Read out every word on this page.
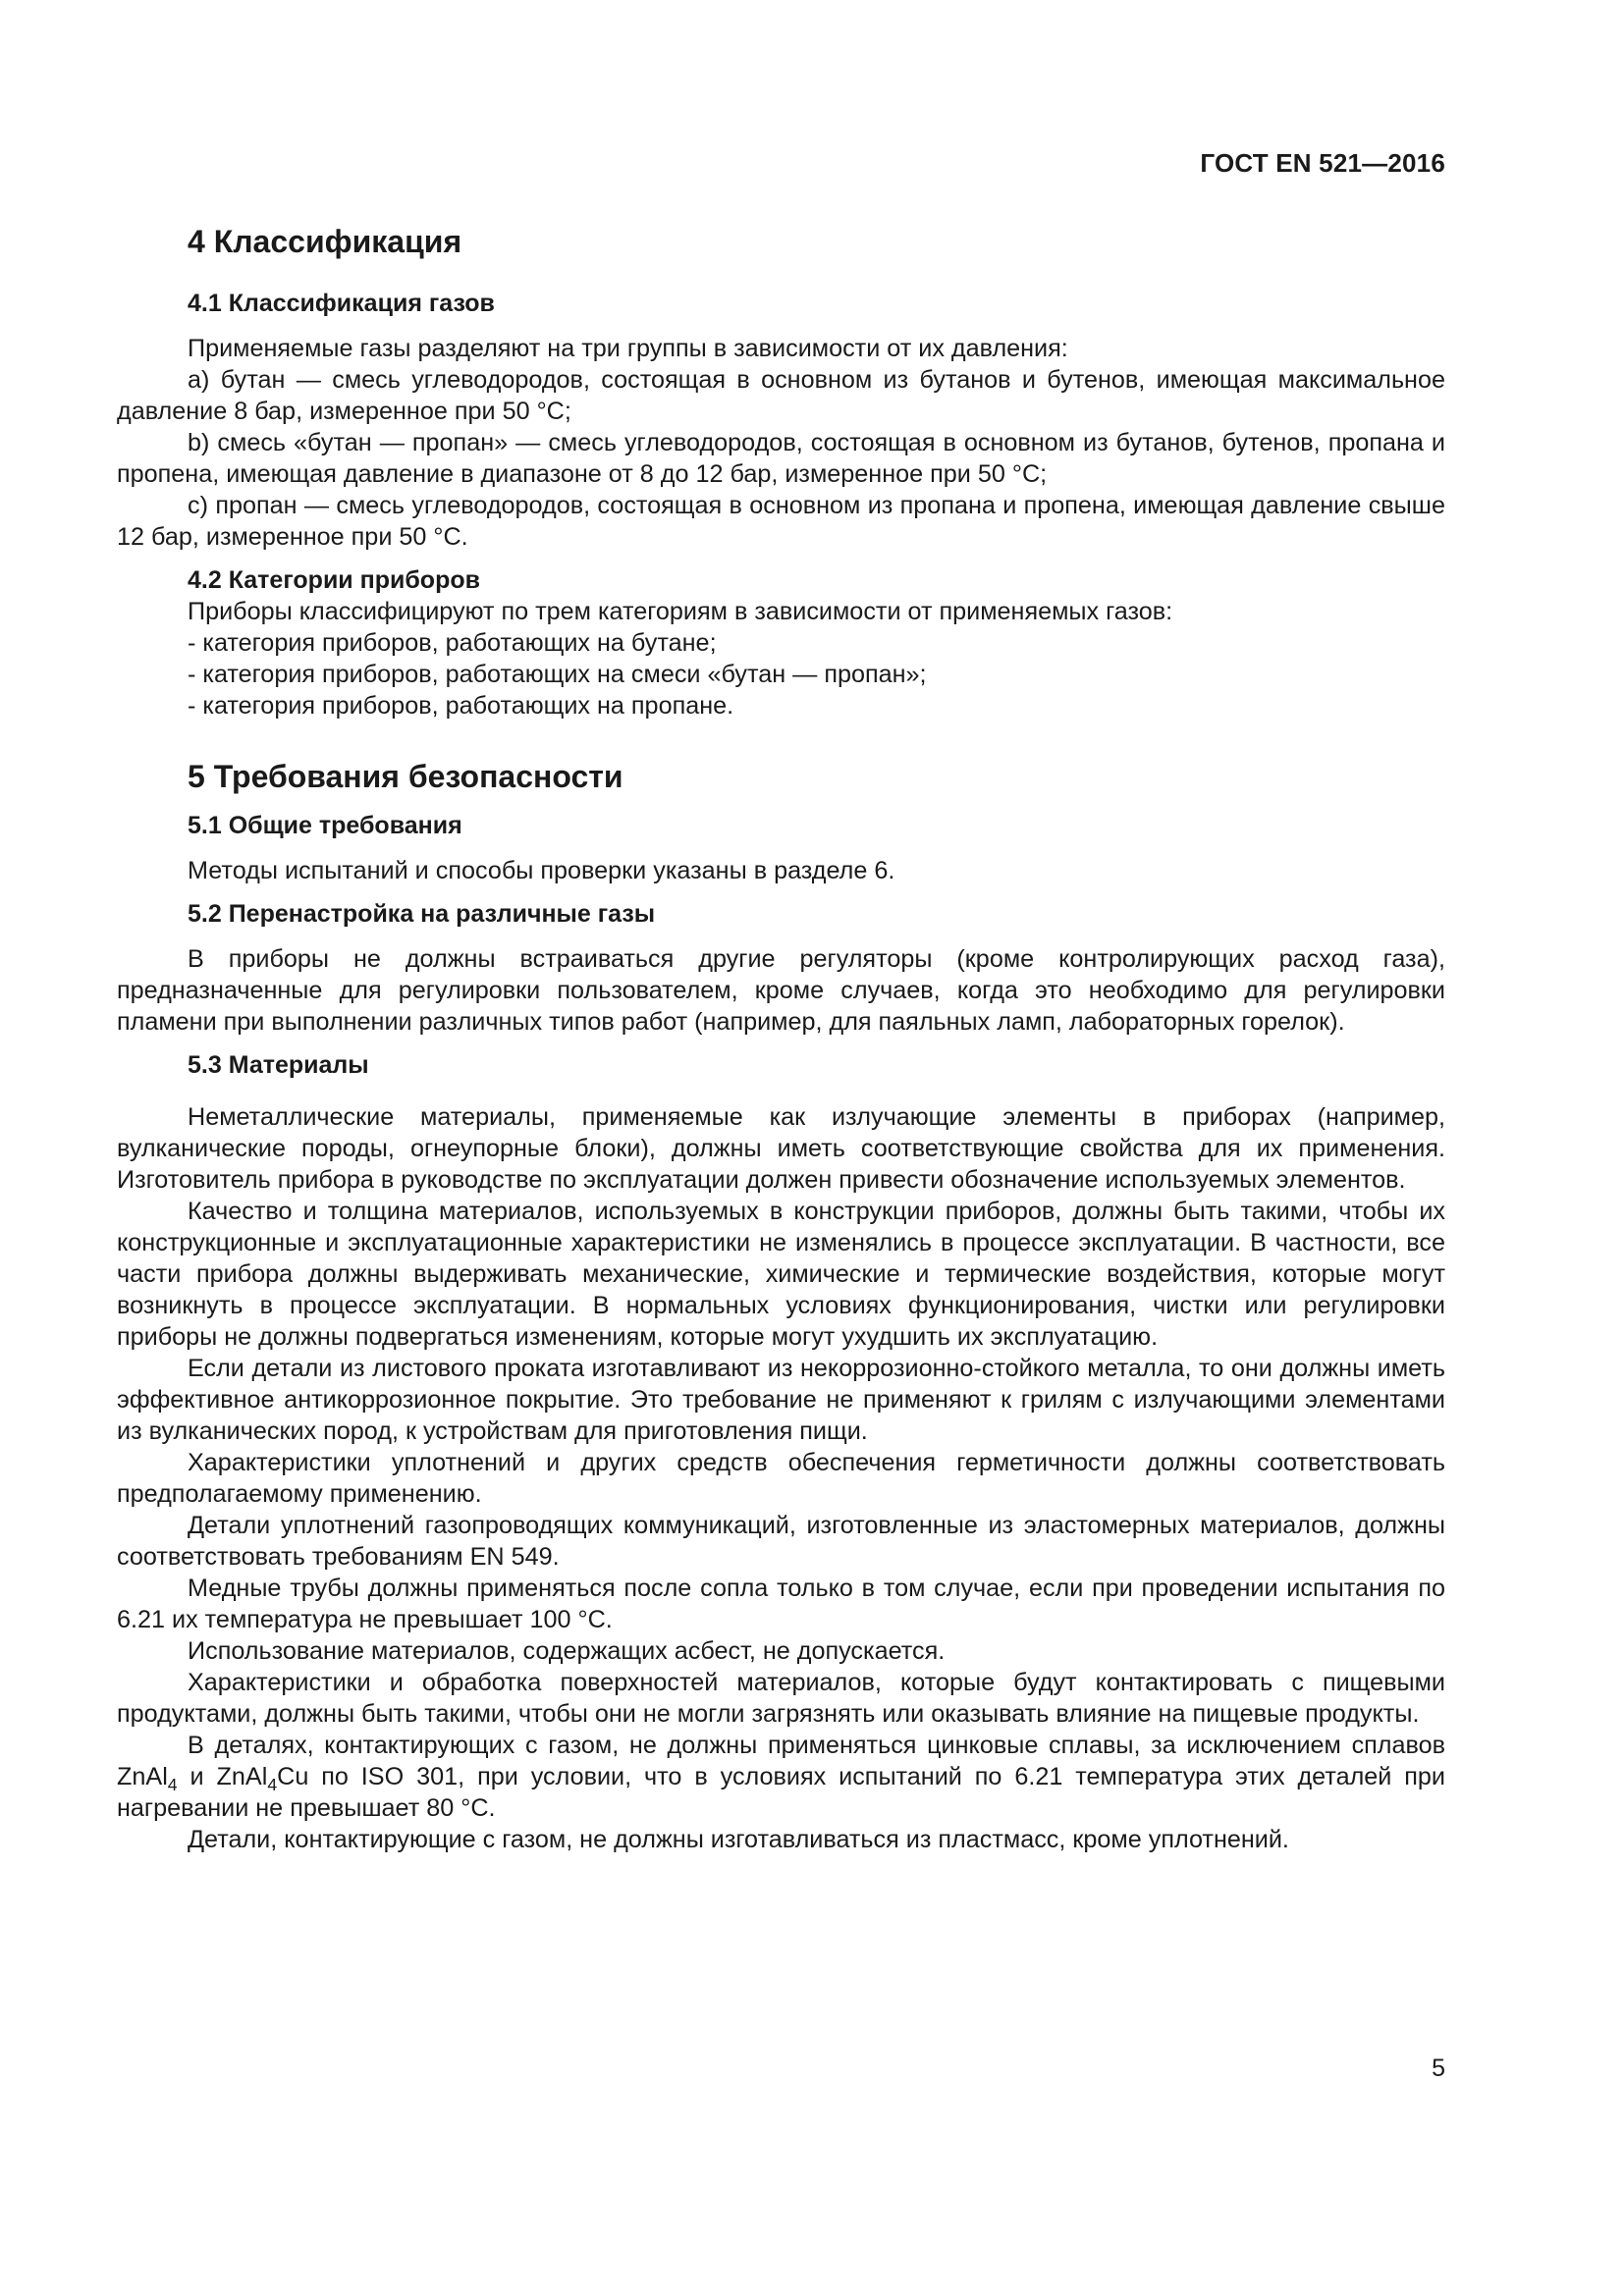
ГОСТ EN 521—2016
4 Классификация
4.1 Классификация газов

Применяемые газы разделяют на три группы в зависимости от их давления:

a) бутан — смесь углеводородов, состоящая в основном из бутанов и бутенов, имеющая максимальное давление 8 бар, измеренное при 50 °C;

b) смесь «бутан — пропан» — смесь углеводородов, состоящая в основном из бутанов, бутенов, пропана и пропена, имеющая давление в диапазоне от 8 до 12 бар, измеренное при 50 °C;

c) пропан — смесь углеводородов, состоящая в основном из пропана и пропена, имеющая давление свыше 12 бар, измеренное при 50 °C.

4.2 Категории приборов

Приборы классифицируют по трем категориям в зависимости от применяемых газов:

- категория приборов, работающих на бутане;

- категория приборов, работающих на смеси «бутан — пропан»;

- категория приборов, работающих на пропане.

5 Требования безопасности
5.1 Общие требования

Методы испытаний и способы проверки указаны в разделе 6.

5.2 Перенастройка на различные газы

В приборы не должны встраиваться другие регуляторы (кроме контролирующих расход газа), предназначенные для регулировки пользователем, кроме случаев, когда это необходимо для регулировки пламени при выполнении различных типов работ (например, для паяльных ламп, лабораторных горелок).

5.3 Материалы

Неметаллические материалы, применяемые как излучающие элементы в приборах (например, вулканические породы, огнеупорные блоки), должны иметь соответствующие свойства для их применения. Изготовитель прибора в руководстве по эксплуатации должен привести обозначение используемых элементов.

Качество и толщина материалов, используемых в конструкции приборов, должны быть такими, чтобы их конструкционные и эксплуатационные характеристики не изменялись в процессе эксплуатации. В частности, все части прибора должны выдерживать механические, химические и термические воздействия, которые могут возникнуть в процессе эксплуатации. В нормальных условиях функционирования, чистки или регулировки приборы не должны подвергаться изменениям, которые могут ухудшить их эксплуатацию.

Если детали из листового проката изготавливают из некоррозионно-стойкого металла, то они должны иметь эффективное антикоррозионное покрытие. Это требование не применяют к грилям с излучающими элементами из вулканических пород, к устройствам для приготовления пищи.

Характеристики уплотнений и других средств обеспечения герметичности должны соответствовать предполагаемому применению.

Детали уплотнений газопроводящих коммуникаций, изготовленные из эластомерных материалов, должны соответствовать требованиям EN 549.

Медные трубы должны применяться после сопла только в том случае, если при проведении испытания по 6.21 их температура не превышает 100 °C.

Использование материалов, содержащих асбест, не допускается.

Характеристики и обработка поверхностей материалов, которые будут контактировать с пищевыми продуктами, должны быть такими, чтобы они не могли загрязнять или оказывать влияние на пищевые продукты.

В деталях, контактирующих с газом, не должны применяться цинковые сплавы, за исключением сплавов ZnAl$_4$ и ZnAl$_4$Cu по ISO 301, при условии, что в условиях испытаний по 6.21 температура этих деталей при нагревании не превышает 80 °C.

Детали, контактирующие с газом, не должны изготавливаться из пластмасс, кроме уплотнений.

5
